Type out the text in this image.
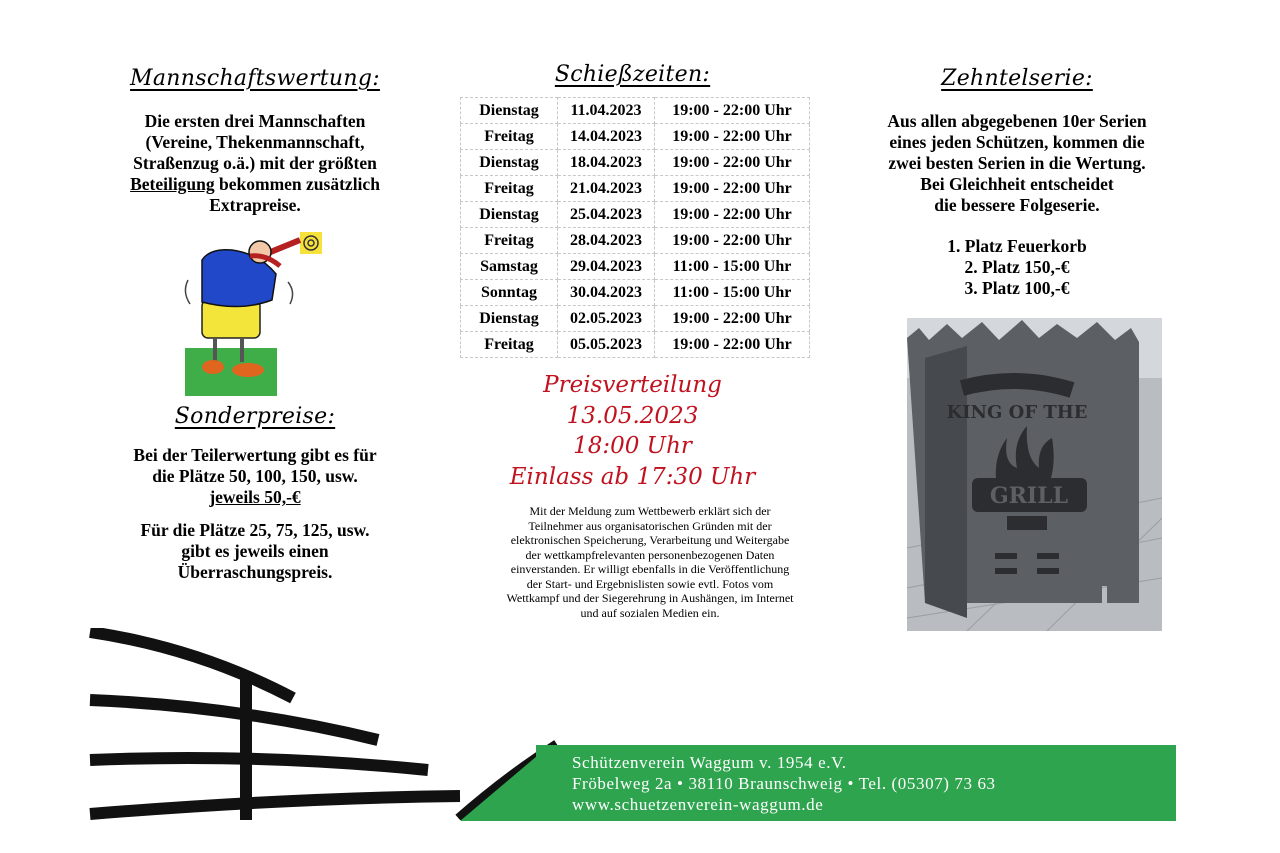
Mannschaftswertung:
Die ersten drei Mannschaften
(Vereine, Thekenmannschaft,
Straßenzug o.ä.) mit der größten
Beteiligung bekommen zusätzlich
Extrapreise.
Sonderpreise:
Bei der Teilerwertung gibt es für
die Plätze 50, 100, 150, usw.
jeweils 50,-€
Für die Plätze 25, 75, 125, usw.
gibt es jeweils einen
Überraschungspreis.
Schießzeiten:
Dienstag	11.04.2023	19:00 - 22:00 Uhr
Freitag	14.04.2023	19:00 - 22:00 Uhr
Dienstag	18.04.2023	19:00 - 22:00 Uhr
Freitag	21.04.2023	19:00 - 22:00 Uhr
Dienstag	25.04.2023	19:00 - 22:00 Uhr
Freitag	28.04.2023	19:00 - 22:00 Uhr
Samstag	29.04.2023	11:00 - 15:00 Uhr
Sonntag	30.04.2023	11:00 - 15:00 Uhr
Dienstag	02.05.2023	19:00 - 22:00 Uhr
Freitag	05.05.2023	19:00 - 22:00 Uhr
Preisverteilung
13.05.2023
18:00 Uhr
Einlass ab 17:30 Uhr
Mit der Meldung zum Wettbewerb erklärt sich der
Teilnehmer aus organisatorischen Gründen mit der
elektronischen Speicherung, Verarbeitung und Weitergabe
der wettkampfrelevanten personenbezogenen Daten
einverstanden. Er willigt ebenfalls in die Veröffentlichung
der Start- und Ergebnislisten sowie evtl. Fotos vom
Wettkampf und der Siegerehrung in Aushängen, im Internet
und auf sozialen Medien ein.
Zehntelserie:
Aus allen abgegebenen 10er Serien
eines jeden Schützen, kommen die
zwei besten Serien in die Wertung.
Bei Gleichheit entscheidet
die bessere Folgeserie.
1. Platz Feuerkorb
2. Platz 150,-€
3. Platz 100,-€
KING OF THE
GRILL
Schützenverein Waggum v. 1954 e.V.
Fröbelweg 2a • 38110 Braunschweig • Tel. (05307) 73 63
www.schuetzenverein-waggum.de
